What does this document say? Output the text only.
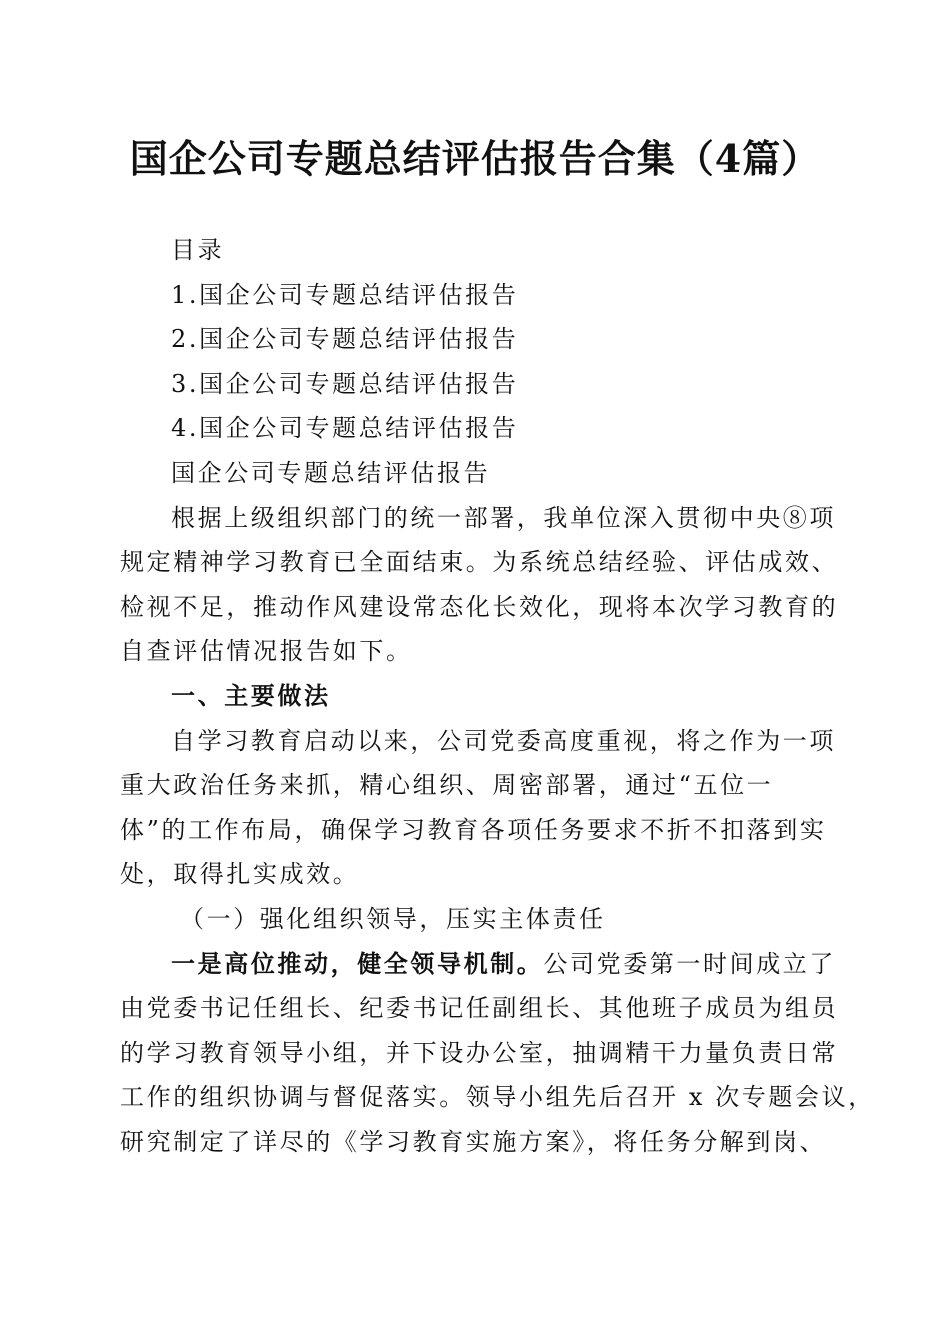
国企公司专题总结评估报告合集（4篇）
目录
1.国企公司专题总结评估报告
2.国企公司专题总结评估报告
3.国企公司专题总结评估报告
4.国企公司专题总结评估报告
国企公司专题总结评估报告
根据上级组织部门的统一部署，我单位深入贯彻中央⑧项
规定精神学习教育已全面结束。为系统总结经验、评估成效、
检视不足，推动作风建设常态化长效化，现将本次学习教育的
自查评估情况报告如下。
一、主要做法
自学习教育启动以来，公司党委高度重视，将之作为一项
重大政治任务来抓，精心组织、周密部署，通过“五位一
体”的工作布局，确保学习教育各项任务要求不折不扣落到实
处，取得扎实成效。
（一）强化组织领导，压实主体责任
一是高位推动，健全领导机制。公司党委第一时间成立了
由党委书记任组长、纪委书记任副组长、其他班子成员为组员
的学习教育领导小组，并下设办公室，抽调精干力量负责日常
工作的组织协调与督促落实。领导小组先后召开 x 次专题会议，
研究制定了详尽的《学习教育实施方案》，将任务分解到岗、
